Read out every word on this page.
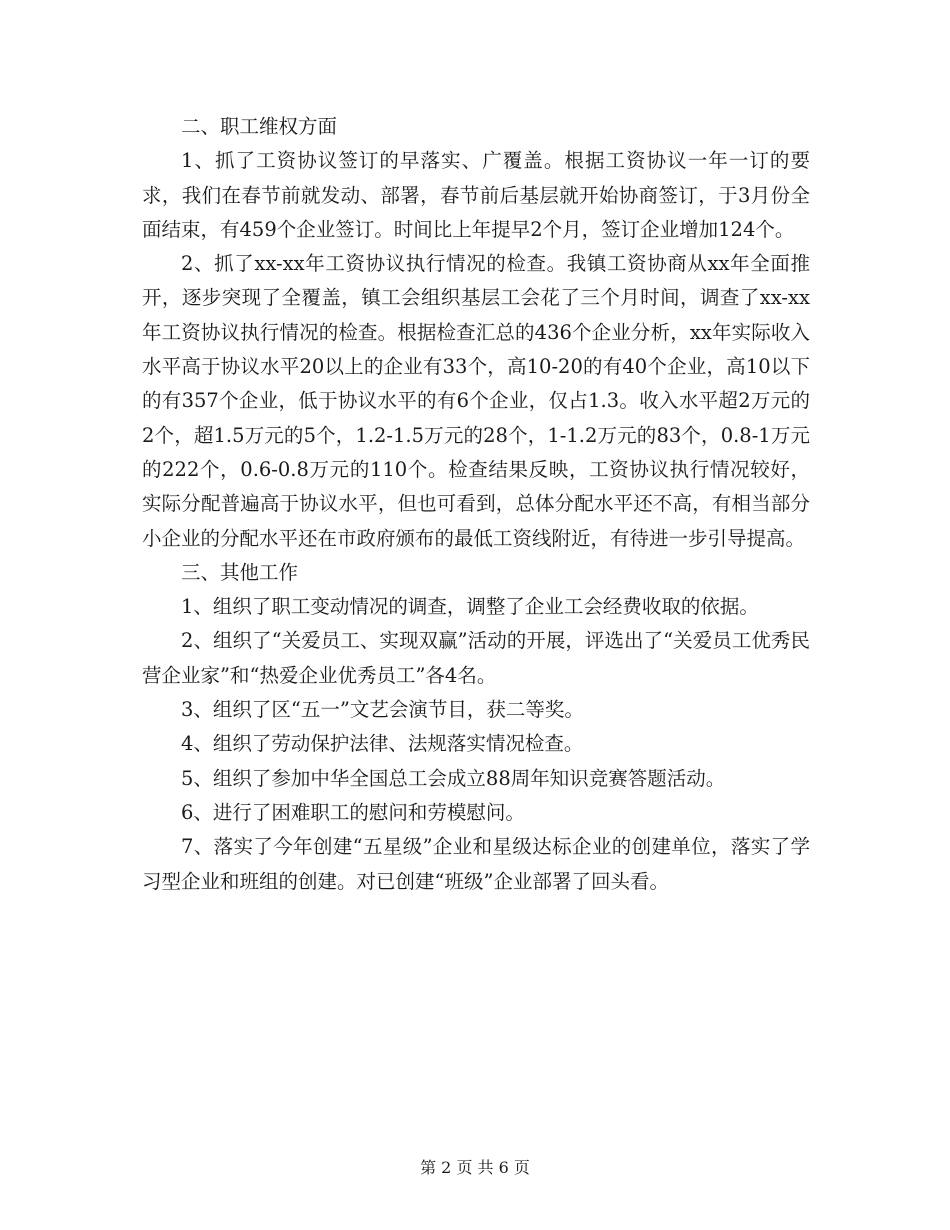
二、职工维权方面

1、抓了工资协议签订的早落实、广覆盖。根据工资协议一年一订的要求，我们在春节前就发动、部署，春节前后基层就开始协商签订，于3月份全面结束，有459个企业签订。时间比上年提早2个月，签订企业增加124个。

2、抓了xx-xx年工资协议执行情况的检查。我镇工资协商从xx年全面推开，逐步突现了全覆盖，镇工会组织基层工会花了三个月时间，调查了xx-xx年工资协议执行情况的检查。根据检查汇总的436个企业分析，xx年实际收入水平高于协议水平20以上的企业有33个，高10-20的有40个企业，高10以下的有357个企业，低于协议水平的有6个企业，仅占1.3。收入水平超2万元的2个，超1.5万元的5个，1.2-1.5万元的28个，1-1.2万元的83个，0.8-1万元的222个，0.6-0.8万元的110个。检查结果反映，工资协议执行情况较好，实际分配普遍高于协议水平，但也可看到，总体分配水平还不高，有相当部分小企业的分配水平还在市政府颁布的最低工资线附近，有待进一步引导提高。

三、其他工作

1、组织了职工变动情况的调查，调整了企业工会经费收取的依据。

2、组织了“关爱员工、实现双赢”活动的开展，评选出了“关爱员工优秀民营企业家”和“热爱企业优秀员工”各4名。

3、组织了区“五一”文艺会演节目，获二等奖。

4、组织了劳动保护法律、法规落实情况检查。

5、组织了参加中华全国总工会成立88周年知识竞赛答题活动。

6、进行了困难职工的慰问和劳模慰问。

7、落实了今年创建“五星级”企业和星级达标企业的创建单位，落实了学习型企业和班组的创建。对已创建“班级”企业部署了回头看。

第 2 页 共 6 页
